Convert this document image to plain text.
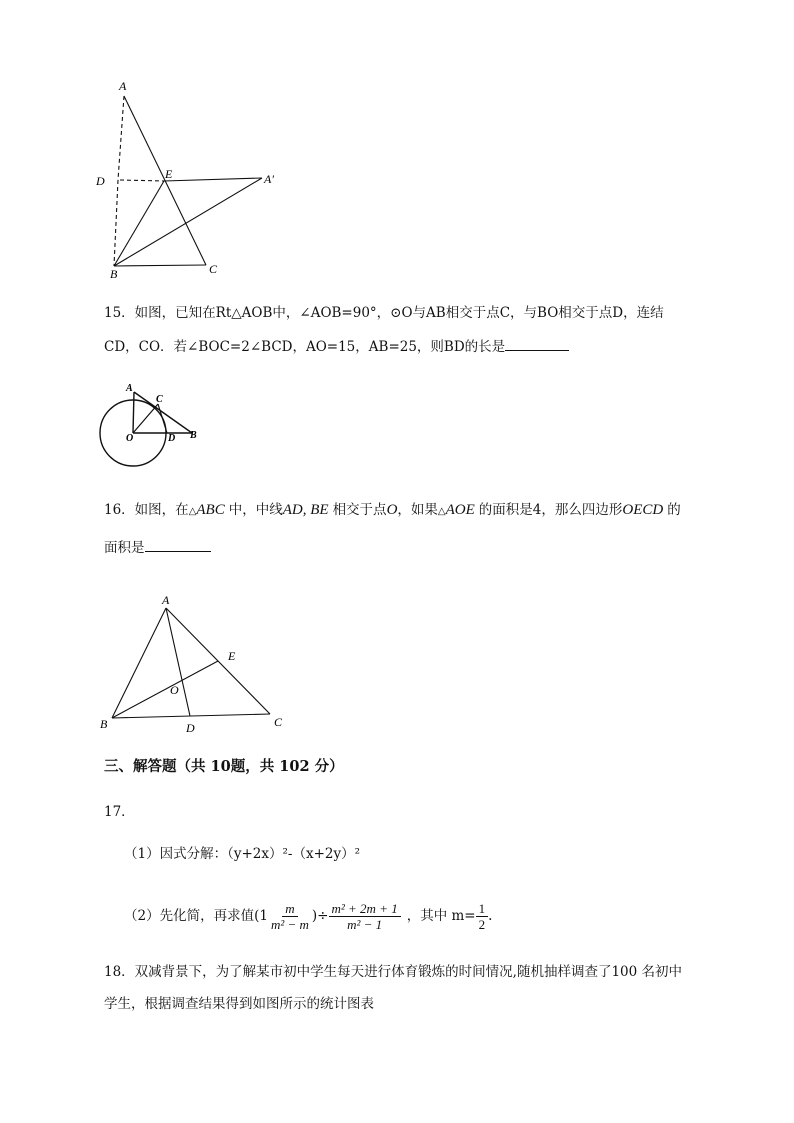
A
D	E	A′
B	C
15．如图，已知在Rt△AOB中，∠AOB=90°，⊙O与AB相交于点C，与BO相交于点D，连结
CD，CO．若∠BOC=2∠BCD，AO=15，AB=25，则BD的长是
A
C
O	D B
16．如图，在△ABC 中，中线AD, BE 相交于点O，如果△AOE 的面积是4，那么四边形OECD 的
面积是
A
E
O
B	D	C
三、解答题（共 10题，共 102 分）
17．
（1）因式分解：（y+2x）²-（x+2y）²
（2）先化简，再求值($1 \frac{m}{\text{m² − m}}$ )÷ $\frac{\text{m² + 2m + 1}}{\text{m² − 1}}$ ，其中 $m= \frac{1}{2}$ .
18．双减背景下，为了解某市初中学生每天进行体育锻炼的时间情况,随机抽样调查了100 名初中
学生，根据调查结果得到如图所示的统计图表
